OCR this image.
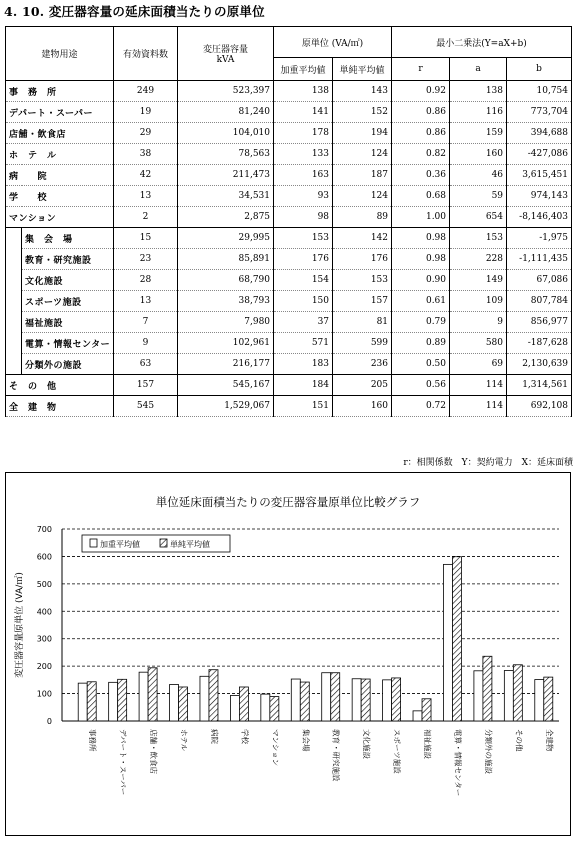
4. 10. 変圧器容量の延床面積当たりの原単位
建物用途		有効資料数	変圧器容量
kVA	原単位 (VA/㎡)		最小二乗法(Y=aX+b)		
				加重平均値	単純平均値	r	a	b
事　務　所		249	523,397	138	143	0.92	138	10,754
デパート・スーパー		19	81,240	141	152	0.86	116	773,704
店舗・飲食店		29	104,010	178	194	0.86	159	394,688
ホ　テ　ル		38	78,563	133	124	0.82	160	-427,086
病　　院		42	211,473	163	187	0.36	46	3,615,451
学　　校		13	34,531	93	124	0.68	59	974,143
マンション		2	2,875	98	89	1.00	654	-8,146,403
	集　会　場	15	29,995	153	142	0.98	153	-1,975
	教育・研究施設	23	85,891	176	176	0.98	228	-1,111,435
	文化施設	28	68,790	154	153	0.90	149	67,086
	スポーツ施設	13	38,793	150	157	0.61	109	807,784
	福祉施設	7	7,980	37	81	0.79	9	856,977
	電算・情報センター	9	102,961	571	599	0.89	580	-187,628
	分類外の施設	63	216,177	183	236	0.50	69	2,130,639
そ　の　他		157	545,167	184	205	0.56	114	1,314,561
全　建　物		545	1,529,067	151	160	0.72	114	692,108
r：相関係数　Y：契約電力　X：延床面積
単位延床面積当たりの変圧器容量原単位比較グラフ
0
100
200
300
400
500
600
700
変圧器容量原単位 (VA/㎡)
事務所	デパート・スーパー	店舗・飲食店	ホテル	病院	学校	マンション	集会場	教育・研究施設	文化施設	スポーツ施設	福祉施設	電算・情報センター	分類外の施設	その他	全建物
加重平均値	単純平均値
